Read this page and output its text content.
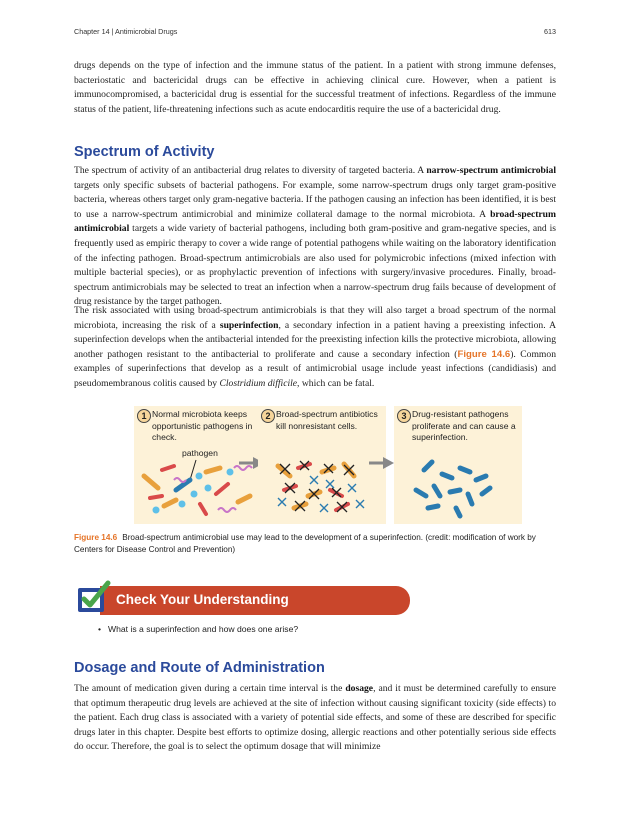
Chapter 14 | Antimicrobial Drugs	613

drugs depends on the type of infection and the immune status of the patient. In a patient with strong immune defenses, bacteriostatic and bactericidal drugs can be effective in achieving clinical cure. However, when a patient is immunocompromised, a bactericidal drug is essential for the successful treatment of infections. Regardless of the immune status of the patient, life-threatening infections such as acute endocarditis require the use of a bactericidal drug.

Spectrum of Activity

The spectrum of activity of an antibacterial drug relates to diversity of targeted bacteria. A narrow-spectrum antimicrobial targets only specific subsets of bacterial pathogens. For example, some narrow-spectrum drugs only target gram-positive bacteria, whereas others target only gram-negative bacteria. If the pathogen causing an infection has been identified, it is best to use a narrow-spectrum antimicrobial and minimize collateral damage to the normal microbiota. A broad-spectrum antimicrobial targets a wide variety of bacterial pathogens, including both gram-positive and gram-negative species, and is frequently used as empiric therapy to cover a wide range of potential pathogens while waiting on the laboratory identification of the infecting pathogen. Broad-spectrum antimicrobials are also used for polymicrobic infections (mixed infection with multiple bacterial species), or as prophylactic prevention of infections with surgery/invasive procedures. Finally, broad-spectrum antimicrobials may be selected to treat an infection when a narrow-spectrum drug fails because of development of drug resistance by the target pathogen.

The risk associated with using broad-spectrum antimicrobials is that they will also target a broad spectrum of the normal microbiota, increasing the risk of a superinfection, a secondary infection in a patient having a preexisting infection. A superinfection develops when the antibacterial intended for the preexisting infection kills the protective microbiota, allowing another pathogen resistant to the antibacterial to proliferate and cause a secondary infection (Figure 14.6). Common examples of superinfections that develop as a result of antimicrobial usage include yeast infections (candidiasis) and pseudomembranous colitis caused by Clostridium difficile, which can be fatal.

1 Normal microbiota keeps opportunistic pathogens in check.
pathogen
2 Broad-spectrum antibiotics kill nonresistant cells.
3 Drug-resistant pathogens proliferate and can cause a superinfection.

Figure 14.6 Broad-spectrum antimicrobial use may lead to the development of a superinfection. (credit: modification of work by Centers for Disease Control and Prevention)

Check Your Understanding
• What is a superinfection and how does one arise?
Dosage and Route of Administration

The amount of medication given during a certain time interval is the dosage, and it must be determined carefully to ensure that optimum therapeutic drug levels are achieved at the site of infection without causing significant toxicity (side effects) to the patient. Each drug class is associated with a variety of potential side effects, and some of these are described for specific drugs later in this chapter. Despite best efforts to optimize dosing, allergic reactions and other potentially serious side effects do occur. Therefore, the goal is to select the optimum dosage that will minimize
